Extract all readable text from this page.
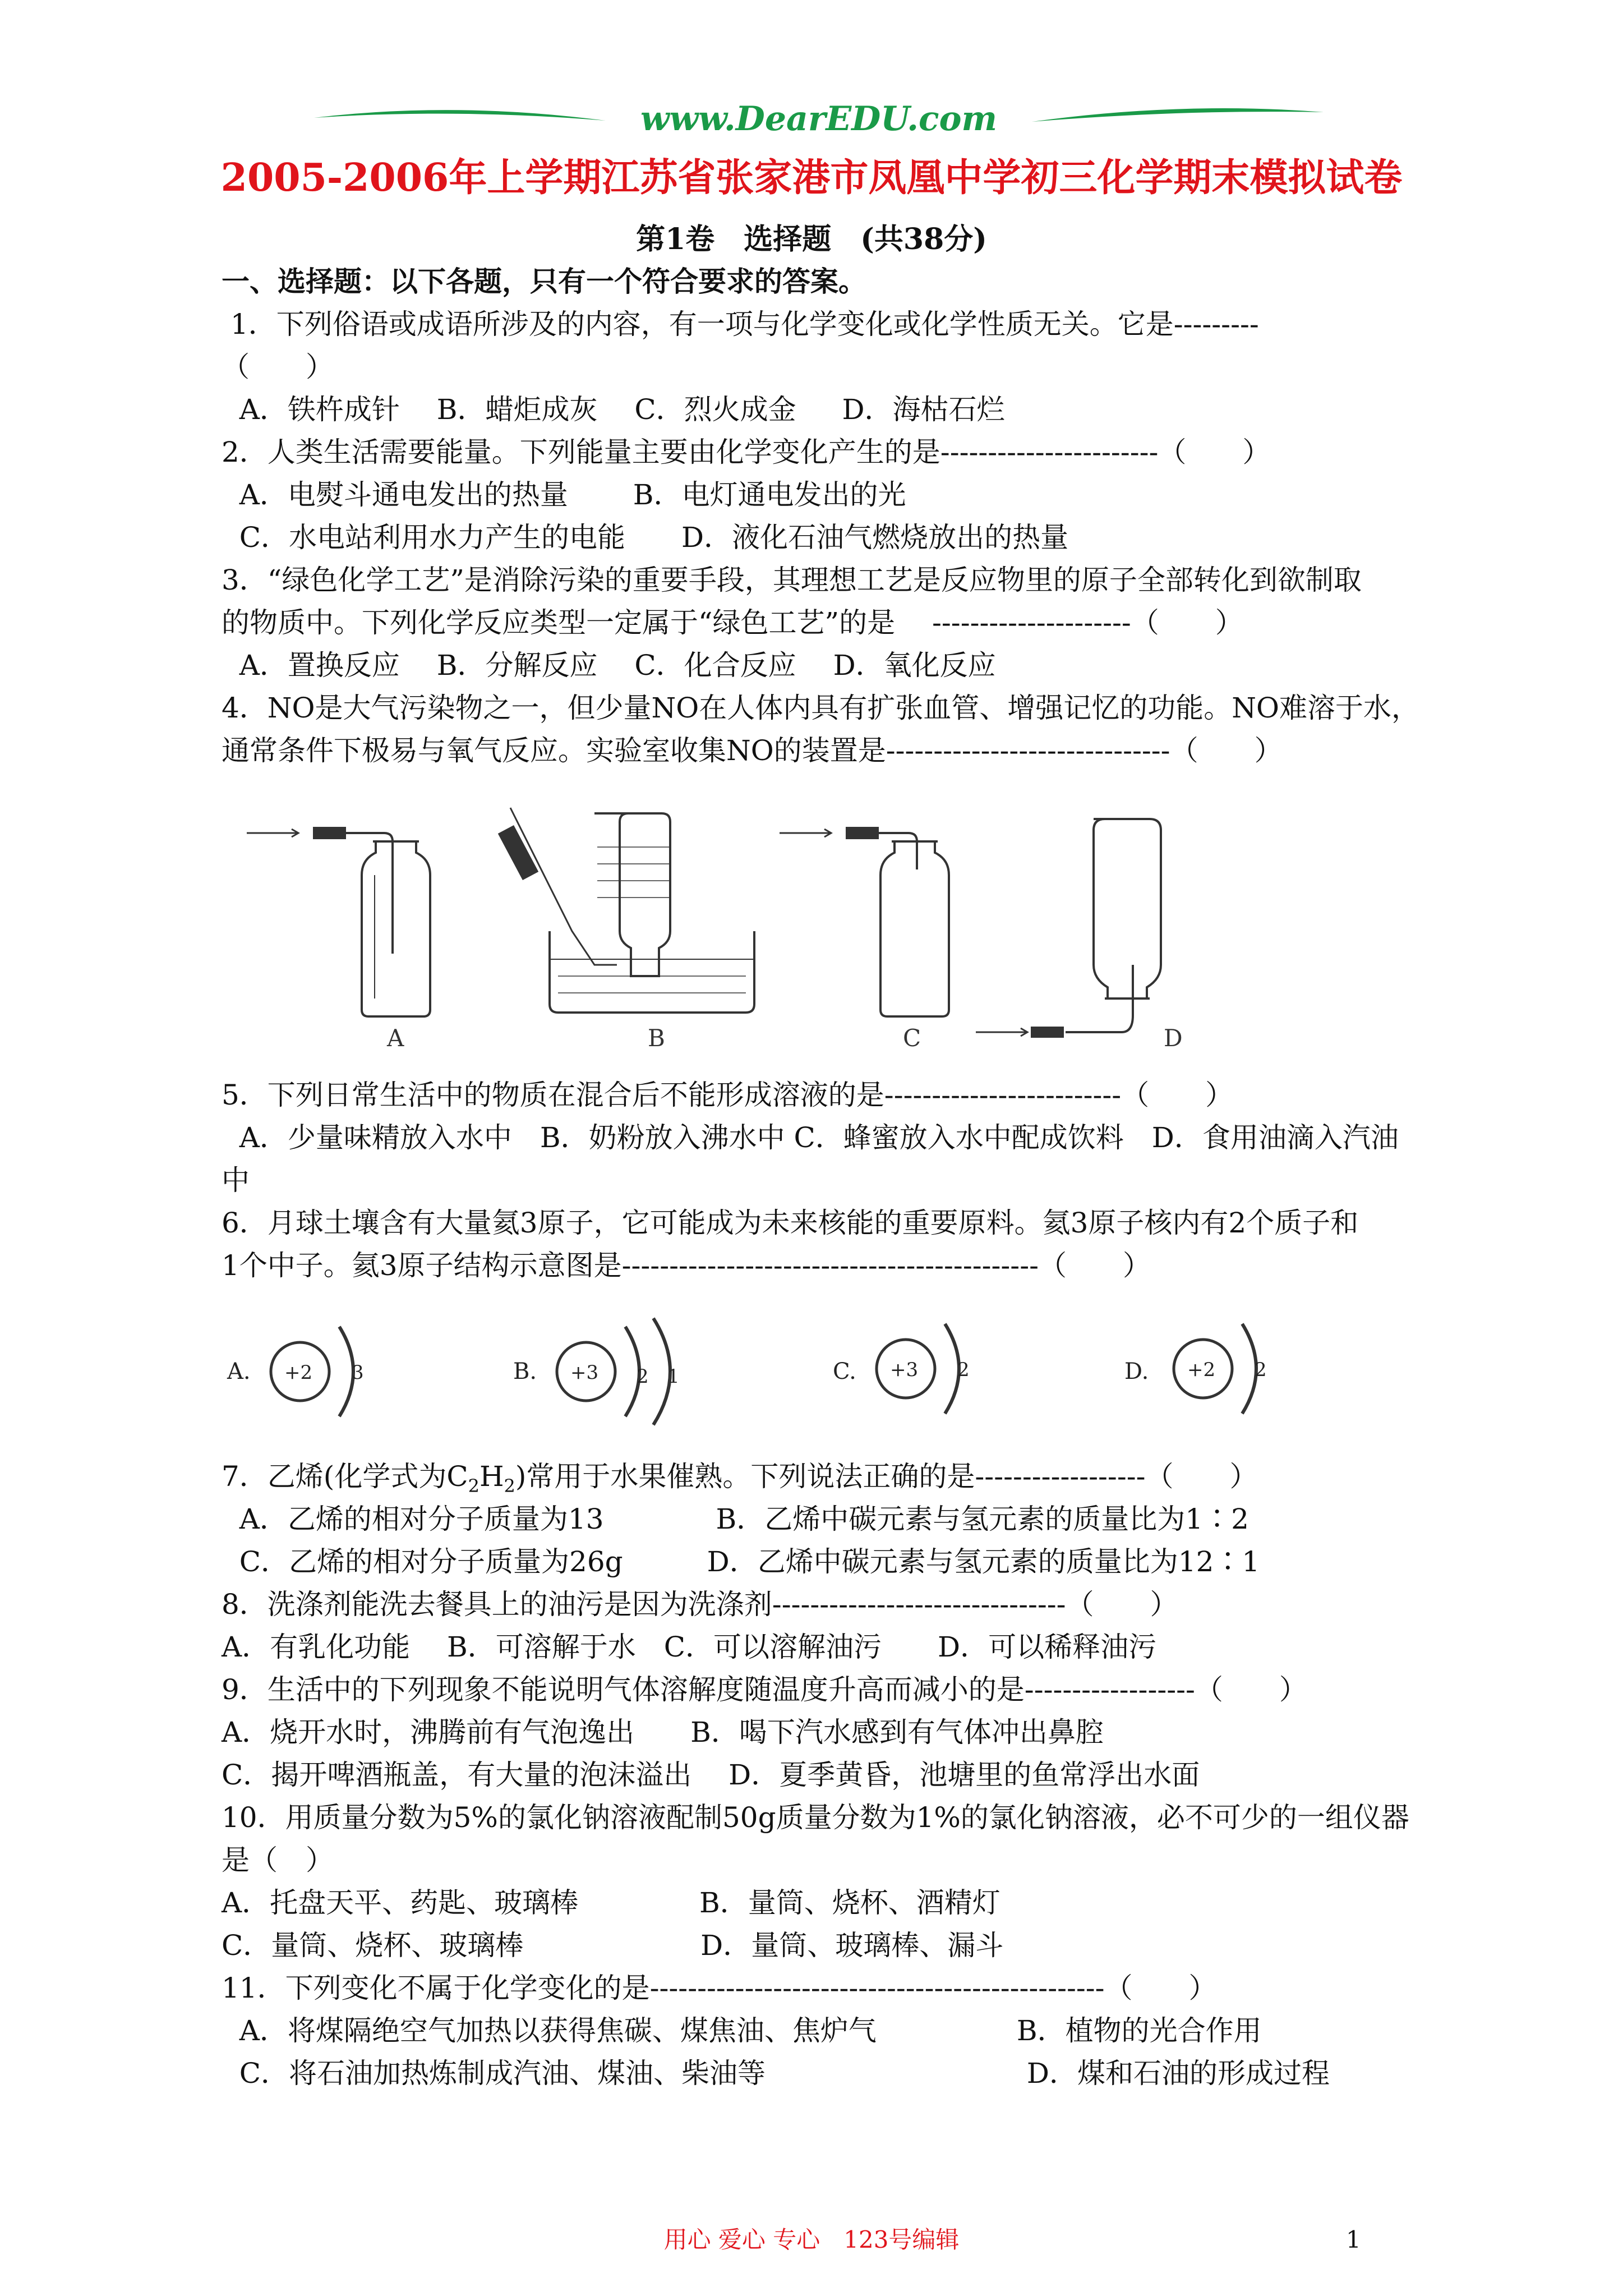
www.DearEDU.com
2005-2006年上学期江苏省张家港市凤凰中学初三化学期末模拟试卷
第1卷　选择题　(共38分)
一、选择题：以下各题，只有一个符合要求的答案。
1．下列俗语或成语所涉及的内容，有一项与化学变化或化学性质无关。它是---------
（　　）
A．铁杵成针　 B．蜡炬成灰　 C．烈火成金　  D．海枯石烂
2．人类生活需要能量。下列能量主要由化学变化产生的是-----------------------（　　）
A．电熨斗通电发出的热量　　 B．电灯通电发出的光
C．水电站利用水力产生的电能　　D．液化石油气燃烧放出的热量
3．“绿色化学工艺”是消除污染的重要手段，其理想工艺是反应物里的原子全部转化到欲制取
的物质中。下列化学反应类型一定属于“绿色工艺”的是　 ---------------------（　　）
A．置换反应　 B．分解反应　 C．化合反应　 D．氧化反应
4．NO是大气污染物之一，但少量NO在人体内具有扩张血管、增强记忆的功能。NO难溶于水，
通常条件下极易与氧气反应。实验室收集NO的装置是------------------------------（　　）
A	B	C	D
5．下列日常生活中的物质在混合后不能形成溶液的是-------------------------（　　）
A．少量味精放入水中　B．奶粉放入沸水中 C．蜂蜜放入水中配成饮料　D．食用油滴入汽油
中
6．月球土壤含有大量氦3原子，它可能成为未来核能的重要原料。氦3原子核内有2个质子和
1个中子。氦3原子结构示意图是--------------------------------------------（　　）
A. +2 3	B. +3 2 1	C. +3 2	D. +2 2
7．乙烯(化学式为$C_2H_2$)常用于水果催熟。下列说法正确的是------------------（　　）
A．乙烯的相对分子质量为13　　　　B．乙烯中碳元素与氢元素的质量比为1∶2
C．乙烯的相对分子质量为26g　　　D．乙烯中碳元素与氢元素的质量比为12∶1
8．洗涤剂能洗去餐具上的油污是因为洗涤剂-------------------------------（　　）
A．有乳化功能　 B．可溶解于水　C．可以溶解油污　　D．可以稀释油污
9．生活中的下列现象不能说明气体溶解度随温度升高而减小的是------------------（　　）
A．烧开水时，沸腾前有气泡逸出　　B．喝下汽水感到有气体冲出鼻腔
C．揭开啤酒瓶盖，有大量的泡沫溢出　 D．夏季黄昏，池塘里的鱼常浮出水面
10．用质量分数为5%的氯化钠溶液配制50g质量分数为1%的氯化钠溶液，必不可少的一组仪器
是（　）
A．托盘天平、药匙、玻璃棒　　　　 B．量筒、烧杯、酒精灯
C．量筒、烧杯、玻璃棒　　　　　　 D．量筒、玻璃棒、漏斗
11．下列变化不属于化学变化的是------------------------------------------------（　　）
A．将煤隔绝空气加热以获得焦碳、煤焦油、焦炉气　　　　　B．植物的光合作用
C．将石油加热炼制成汽油、煤油、柴油等　　　　　　　　　 D．煤和石油的形成过程
用心 爱心 专心　123号编辑	1
